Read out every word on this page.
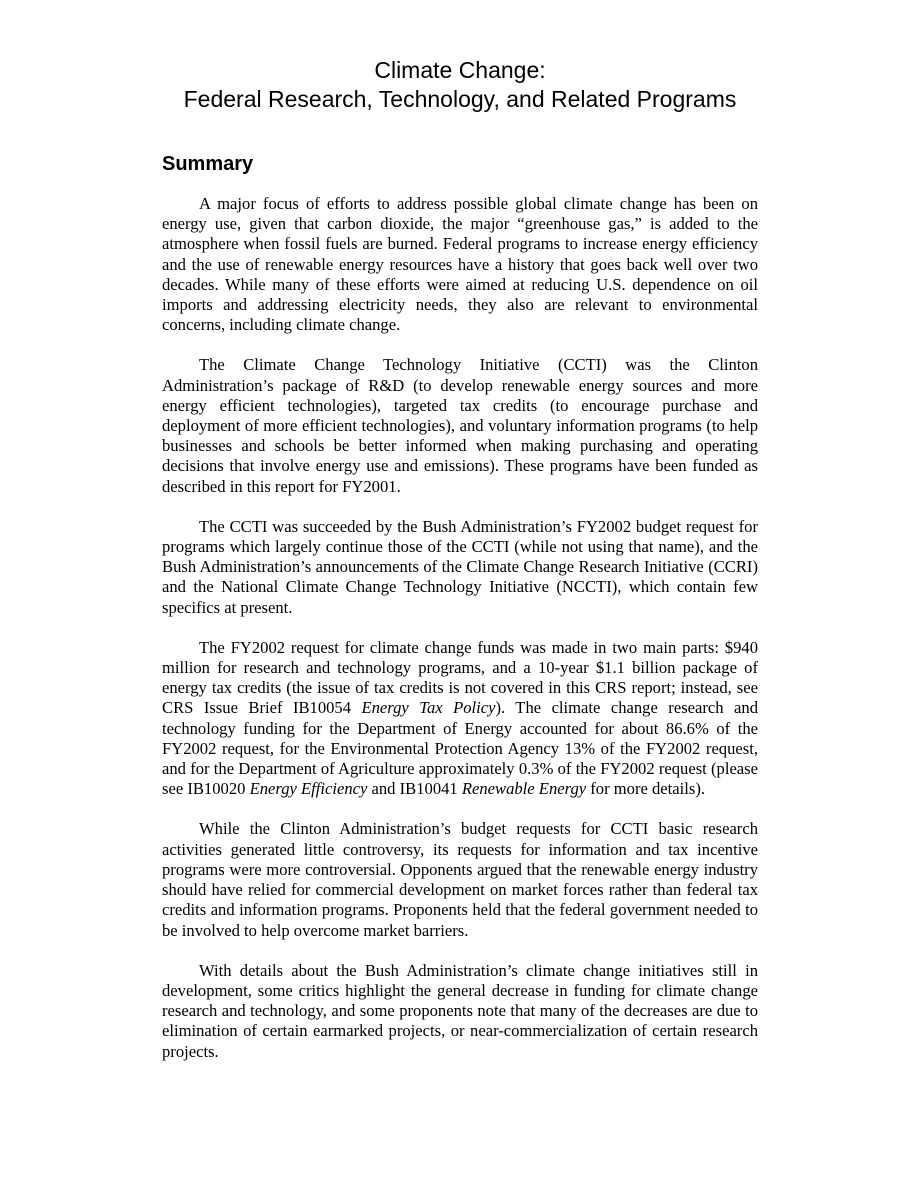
Climate Change:
Federal Research, Technology, and Related Programs
Summary

A major focus of efforts to address possible global climate change has been on energy use, given that carbon dioxide, the major “greenhouse gas,” is added to the atmosphere when fossil fuels are burned. Federal programs to increase energy efficiency and the use of renewable energy resources have a history that goes back well over two decades. While many of these efforts were aimed at reducing U.S. dependence on oil imports and addressing electricity needs, they also are relevant to environmental concerns, including climate change.

The Climate Change Technology Initiative (CCTI) was the Clinton Administration’s package of R&D (to develop renewable energy sources and more energy efficient technologies), targeted tax credits (to encourage purchase and deployment of more efficient technologies), and voluntary information programs (to help businesses and schools be better informed when making purchasing and operating decisions that involve energy use and emissions). These programs have been funded as described in this report for FY2001.

The CCTI was succeeded by the Bush Administration’s FY2002 budget request for programs which largely continue those of the CCTI (while not using that name), and the Bush Administration’s announcements of the Climate Change Research Initiative (CCRI) and the National Climate Change Technology Initiative (NCCTI), which contain few specifics at present.

The FY2002 request for climate change funds was made in two main parts: $940 million for research and technology programs, and a 10-year $1.1 billion package of energy tax credits (the issue of tax credits is not covered in this CRS report; instead, see CRS Issue Brief IB10054 Energy Tax Policy). The climate change research and technology funding for the Department of Energy accounted for about 86.6% of the FY2002 request, for the Environmental Protection Agency 13% of the FY2002 request, and for the Department of Agriculture approximately 0.3% of the FY2002 request (please see IB10020 Energy Efficiency and IB10041 Renewable Energy for more details).

While the Clinton Administration’s budget requests for CCTI basic research activities generated little controversy, its requests for information and tax incentive programs were more controversial. Opponents argued that the renewable energy industry should have relied for commercial development on market forces rather than federal tax credits and information programs. Proponents held that the federal government needed to be involved to help overcome market barriers.

With details about the Bush Administration’s climate change initiatives still in development, some critics highlight the general decrease in funding for climate change research and technology, and some proponents note that many of the decreases are due to elimination of certain earmarked projects, or near-commercialization of certain research projects.
